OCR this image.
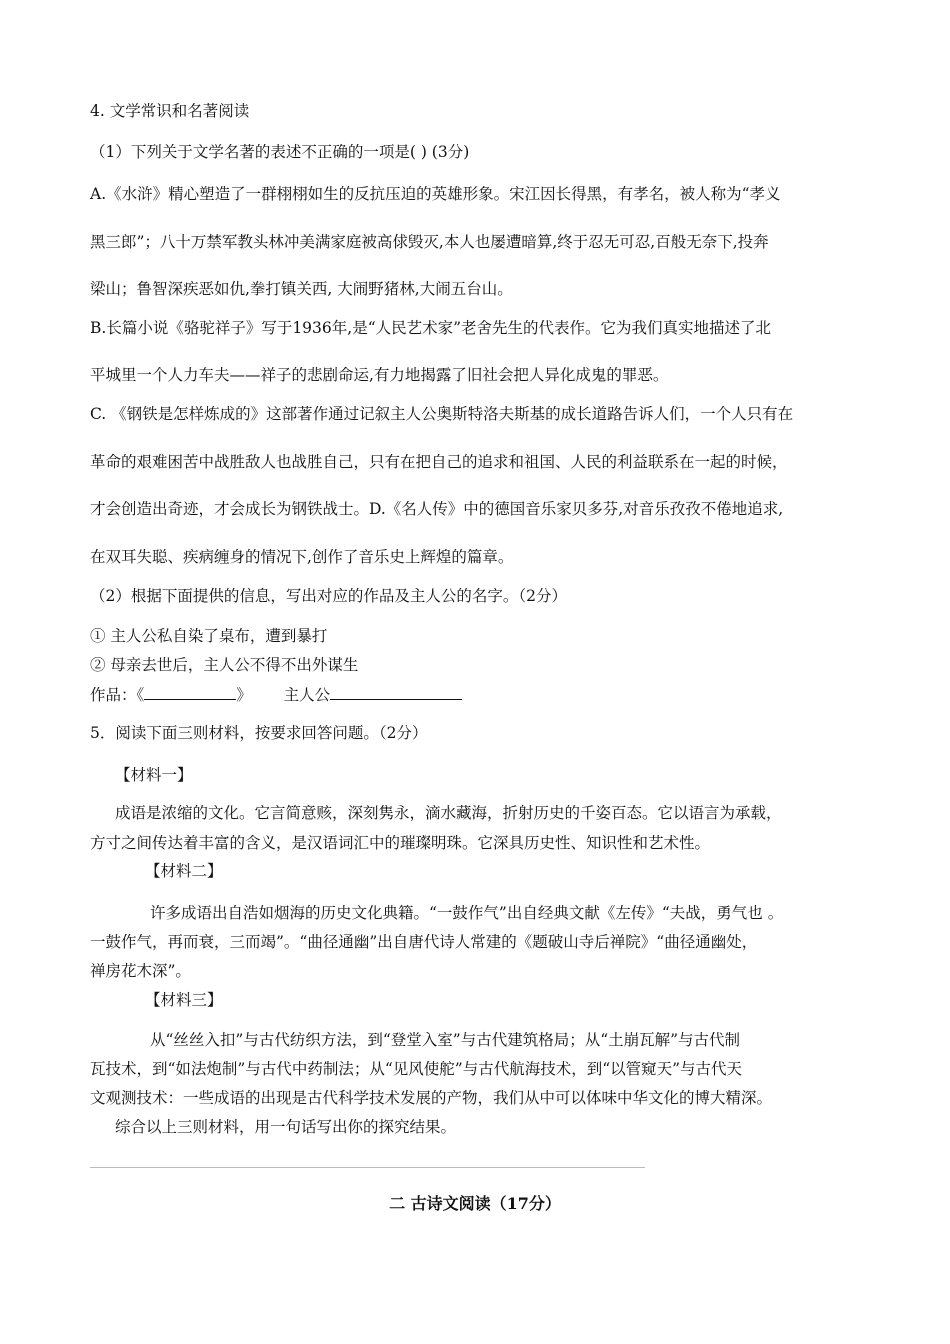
4. 文学常识和名著阅读
（1）下列关于文学名著的表述不正确的一项是( ) (3分)
A.《水浒》精心塑造了一群栩栩如生的反抗压迫的英雄形象。宋江因长得黑，有孝名，被人称为“孝义
黑三郎”；八十万禁军教头林冲美满家庭被高俅毁灭,本人也屡遭暗算,终于忍无可忍,百般无奈下,投奔
梁山；鲁智深疾恶如仇,拳打镇关西, 大闹野猪林,大闹五台山。
B.长篇小说《骆驼祥子》写于1936年,是“人民艺术家”老舍先生的代表作。它为我们真实地描述了北
平城里一个人力车夫——祥子的悲剧命运,有力地揭露了旧社会把人异化成鬼的罪恶。
C. 《钢铁是怎样炼成的》这部著作通过记叙主人公奥斯特洛夫斯基的成长道路告诉人们，一个人只有在
革命的艰难困苦中战胜敌人也战胜自己，只有在把自己的追求和祖国、人民的利益联系在一起的时候，
才会创造出奇迹，才会成长为钢铁战士。D.《名人传》中的德国音乐家贝多芬,对音乐孜孜不倦地追求,
在双耳失聪、疾病缠身的情况下,创作了音乐史上辉煌的篇章。
（2）根据下面提供的信息，写出对应的作品及主人公的名字。（2分）
① 主人公私自染了桌布，遭到暴打
② 母亲去世后，主人公不得不出外谋生
作品：《	》 主人公
5．阅读下面三则材料，按要求回答问题。（2分）
【材料一】
成语是浓缩的文化。它言简意赅，深刻隽永，滴水藏海，折射历史的千姿百态。它以语言为承载，
方寸之间传达着丰富的含义，是汉语词汇中的璀璨明珠。它深具历史性、知识性和艺术性。
【材料二】
许多成语出自浩如烟海的历史文化典籍。“一鼓作气”出自经典文献《左传》“夫战，勇气也 。
一鼓作气，再而衰，三而竭”。“曲径通幽”出自唐代诗人常建的《题破山寺后禅院》“曲径通幽处，
禅房花木深”。
【材料三】
从“丝丝入扣”与古代纺织方法，到“登堂入室”与古代建筑格局；从“土崩瓦解”与古代制
瓦技术，到“如法炮制”与古代中药制法；从“见风使舵”与古代航海技术，到“以管窥天”与古代天
文观测技术：一些成语的出现是古代科学技术发展的产物，我们从中可以体味中华文化的博大精深。
综合以上三则材料，用一句话写出你的探究结果。
二 古诗文阅读（17分）
